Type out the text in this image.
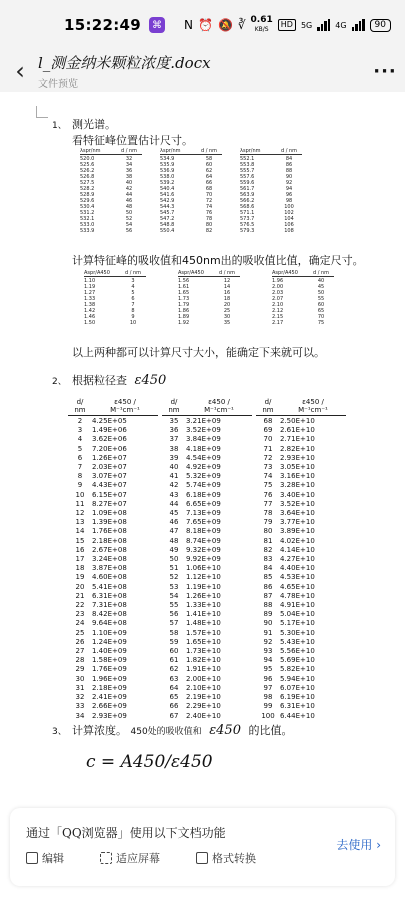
15:22:49	⌘ N ⏰ 🔕 ∛ 0.61
KB/S
HD	5G	4G	90
‹ l_测金纳米颗粒浓度.docx
文件预览
···
1、 测光谱。
看特征峰位置估计尺寸。
λspr/nm	d / nm
520.0	32
525.6	34
526.2	36
526.8	38
527.5	40
528.2	42
528.9	44
529.6	46
530.4	48
531.2	50
532.1	52
533.0	54
533.9	56
λspr/nm	d / nm
534.9	58
535.9	60
536.9	62
538.0	64
539.2	66
540.4	68
541.6	70
542.9	72
544.3	74
545.7	76
547.2	78
548.8	80
550.4	82
λspr/nm	d / nm
552.1	84
553.8	86
555.7	88
557.6	90
559.6	92
561.7	94
563.9	96
566.2	98
568.6	100
571.1	102
573.7	104
576.5	106
579.3	108
计算特征峰的吸收值和450nm出的吸收值比值，确定尺寸。
Aspr/A450	d / nm
1.10	3
1.19	4
1.27	5
1.33	6
1.38	7
1.42	8
1.46	9
1.50	10
Aspr/A450	d / nm
1.56	12
1.61	14
1.65	16
1.73	18
1.79	20
1.86	25
1.89	30
1.92	35
Aspr/A450	d / nm
1.96	40
2.00	45
2.03	50
2.07	55
2.10	60
2.12	65
2.15	70
2.17	75
以上两种都可以计算尺寸大小，能确定下来就可以。
2、 根据粒径查 ε450
d/	ε450 /
nm	M⁻¹cm⁻¹
2 4.25E+05
3 1.49E+06
4 3.62E+06
5 7.20E+06
6 1.26E+07
7 2.03E+07
8 3.07E+07
9 4.43E+07
10 6.15E+07
11 8.27E+07
12 1.09E+08
13 1.39E+08
14 1.76E+08
15 2.18E+08
16 2.67E+08
17 3.24E+08
18 3.87E+08
19 4.60E+08
20 5.41E+08
21 6.31E+08
22 7.31E+08
23 8.42E+08
24 9.64E+08
25 1.10E+09
26 1.24E+09
27 1.40E+09
28 1.58E+09
29 1.76E+09
30 1.96E+09
31 2.18E+09
32 2.41E+09
33 2.66E+09
34 2.93E+09
d/	ε450 /
nm	M⁻¹cm⁻¹
35 3.21E+09
36 3.52E+09
37 3.84E+09
38 4.18E+09
39 4.54E+09
40 4.92E+09
41 5.32E+09
42 5.74E+09
43 6.18E+09
44 6.65E+09
45 7.13E+09
46 7.65E+09
47 8.18E+09
48 8.74E+09
49 9.32E+09
50 9.92E+09
51 1.06E+10
52 1.12E+10
53 1.19E+10
54 1.26E+10
55 1.33E+10
56 1.41E+10
57 1.48E+10
58 1.57E+10
59 1.65E+10
60 1.73E+10
61 1.82E+10
62 1.91E+10
63 2.00E+10
64 2.10E+10
65 2.19E+10
66 2.29E+10
67 2.40E+10
d/	ε450 /
nm	M⁻¹cm⁻¹
68 2.50E+10
69 2.61E+10
70 2.71E+10
71 2.82E+10
72 2.93E+10
73 3.05E+10
74 3.16E+10
75 3.28E+10
76 3.40E+10
77 3.52E+10
78 3.64E+10
79 3.77E+10
80 3.89E+10
81 4.02E+10
82 4.14E+10
83 4.27E+10
84 4.40E+10
85 4.53E+10
86 4.65E+10
87 4.78E+10
88 4.91E+10
89 5.04E+10
90 5.17E+10
91 5.30E+10
92 5.43E+10
93 5.56E+10
94 5.69E+10
95 5.82E+10
96 5.94E+10
97 6.07E+10
98 6.19E+10
99 6.31E+10
100 6.44E+10
3、 计算浓度。 450处的吸收值和 ε450 的比值。
c = A450/ε450
通过「QQ浏览器」使用以下文档功能
编辑	适应屏幕	格式转换
去使用 ›
